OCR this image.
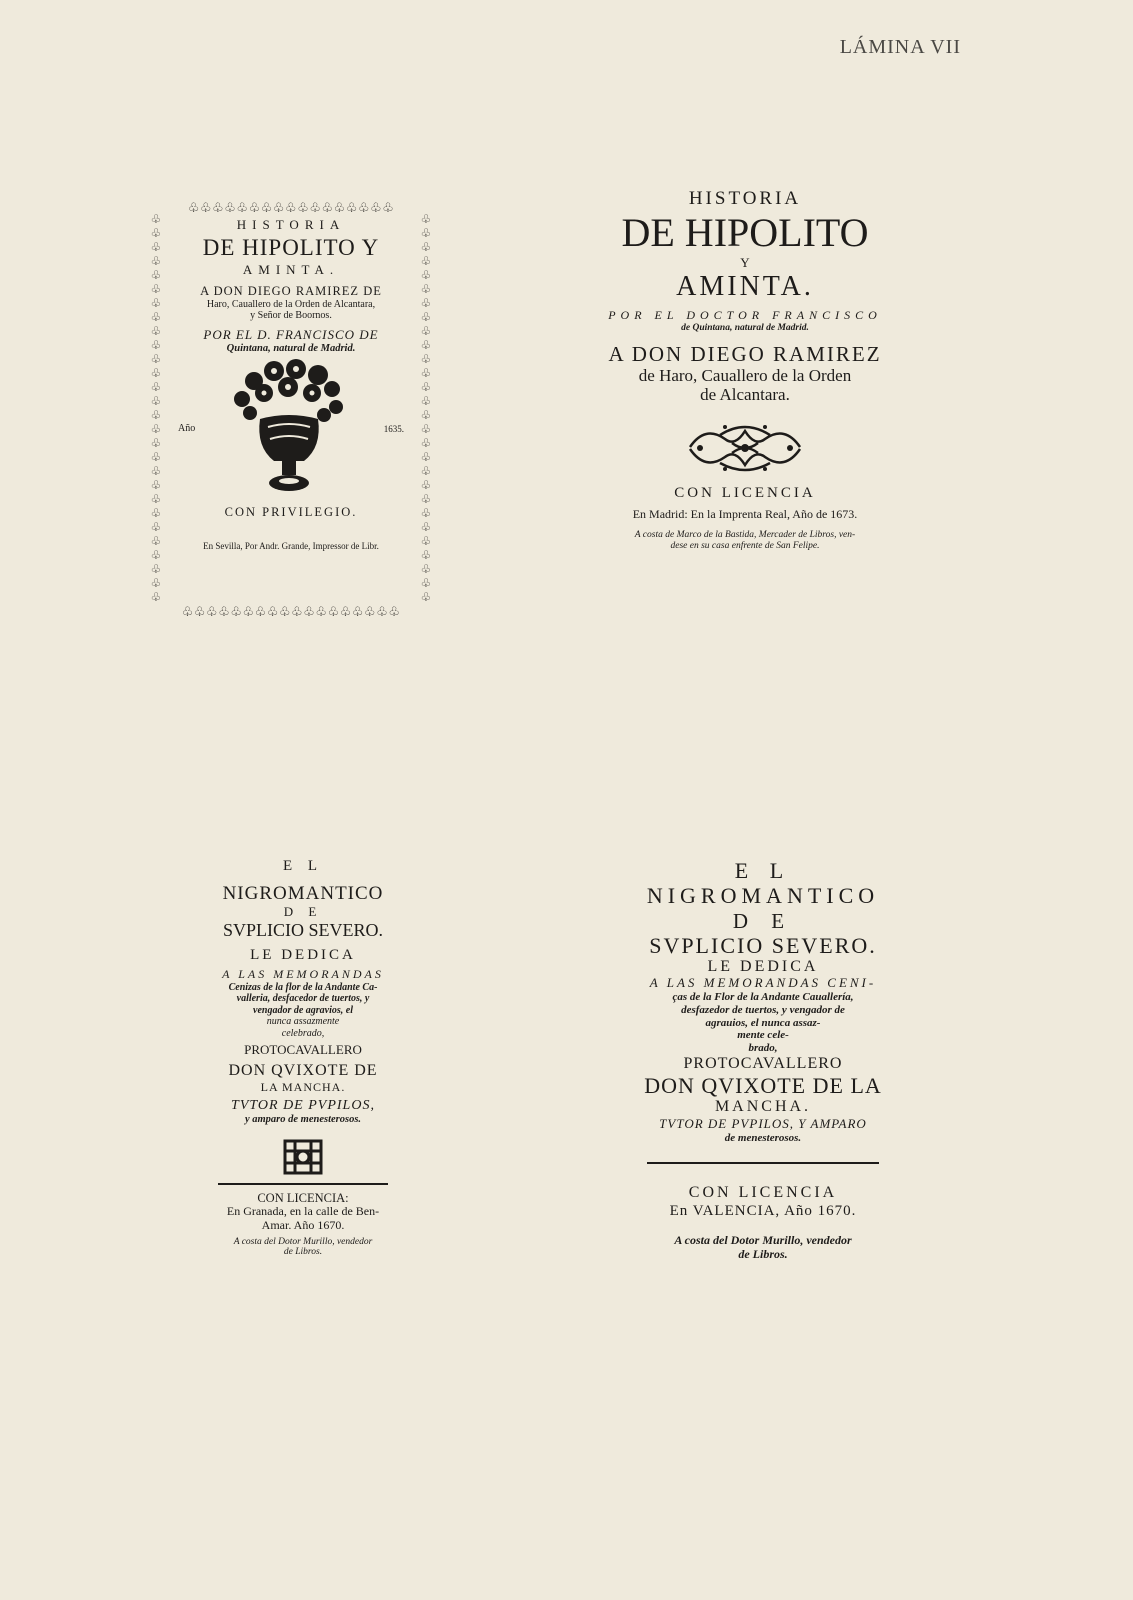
LÁMINA VII
♧♧♧♧♧♧♧♧♧♧♧♧♧♧♧♧♧
♧
♧
♧
♧
♧
♧
♧
♧
♧
♧
♧
♧
♧
♧
♧
♧
♧
♧
♧
♧
♧
♧
♧
♧
♧
♧
♧
♧
♧
♧
♧
♧
♧
♧
♧
♧
♧
♧
♧
♧
♧
♧
♧
♧
♧
♧
♧
♧
♧
♧
♧
♧
♧
♧
♧
♧
♧♧♧♧♧♧♧♧♧♧♧♧♧♧♧♧♧♧
HISTORIA
DE HIPOLITO Y
AMINTA.
A DON DIEGO RAMIREZ DE
Haro, Cauallero de la Orden de Alcantara,
y Señor de Boornos.
POR EL D. FRANCISCO DE
Quintana, natural de Madrid.
Año	1635.
CON PRIVILEGIO.
En Sevilla, Por Andr. Grande, Impressor de Libr.
HISTORIA
DE HIPOLITO
Y
AMINTA.
POR EL DOCTOR FRANCISCO
de Quintana, natural de Madrid.
A DON DIEGO RAMIREZ
de Haro, Cauallero de la Orden
de Alcantara.
CON LICENCIA
En Madrid: En la Imprenta Real, Año de 1673.
A costa de Marco de la Bastida, Mercader de Libros, ven-
dese en su casa enfrente de San Felipe.
E L
NIGROMANTICO
D E
SVPLICIO SEVERO.
LE DEDICA
A LAS MEMORANDAS
Cenizas de la flor de la Andante Ca-
valleria, desfacedor de tuertos, y
vengador de agravios, el
nunca assazmente
celebrado,
PROTOCAVALLERO
DON QVIXOTE DE
LA MANCHA.
TVTOR DE PVPILOS,
y amparo de menesterosos.
CON LICENCIA:
En Granada, en la calle de Ben-
Amar. Año 1670.
A costa del Dotor Murillo, vendedor
de Libros.
E L
NIGROMANTICO
D E
SVPLICIO SEVERO.
LE DEDICA
A LAS MEMORANDAS CENI-
ças de la Flor de la Andante Cauallería,
desfazedor de tuertos, y vengador de
agrauios, el nunca assaz-
mente cele-
brado,
PROTOCAVALLERO
DON QVIXOTE DE LA
MANCHA.
TVTOR DE PVPILOS, Y AMPARO
de menesterosos.
CON LICENCIA
En VALENCIA, Año 1670.
A costa del Dotor Murillo, vendedor
de Libros.
